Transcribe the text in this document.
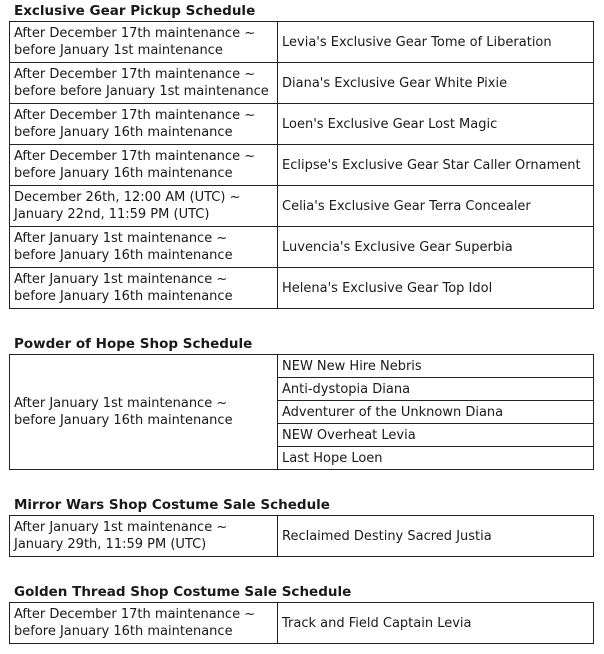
Exclusive Gear Pickup Schedule
After December 17th maintenance ~ before January 1st maintenance	Levia's Exclusive Gear Tome of Liberation
After December 17th maintenance ~ before before January 1st maintenance	Diana's Exclusive Gear White Pixie
After December 17th maintenance ~ before January 16th maintenance	Loen's Exclusive Gear Lost Magic
After December 17th maintenance ~ before January 16th maintenance	Eclipse's Exclusive Gear Star Caller Ornament
December 26th, 12:00 AM (UTC) ~ January 22nd, 11:59 PM (UTC)	Celia's Exclusive Gear Terra Concealer
After January 1st maintenance ~ before January 16th maintenance	Luvencia's Exclusive Gear Superbia
After January 1st maintenance ~ before January 16th maintenance	Helena's Exclusive Gear Top Idol
Powder of Hope Shop Schedule
After January 1st maintenance ~ before January 16th maintenance	NEW New Hire Nebris
Anti-dystopia Diana
Adventurer of the Unknown Diana
NEW Overheat Levia
Last Hope Loen
Mirror Wars Shop Costume Sale Schedule
After January 1st maintenance ~ January 29th, 11:59 PM (UTC)	Reclaimed Destiny Sacred Justia
Golden Thread Shop Costume Sale Schedule
After December 17th maintenance ~ before January 16th maintenance	Track and Field Captain Levia
